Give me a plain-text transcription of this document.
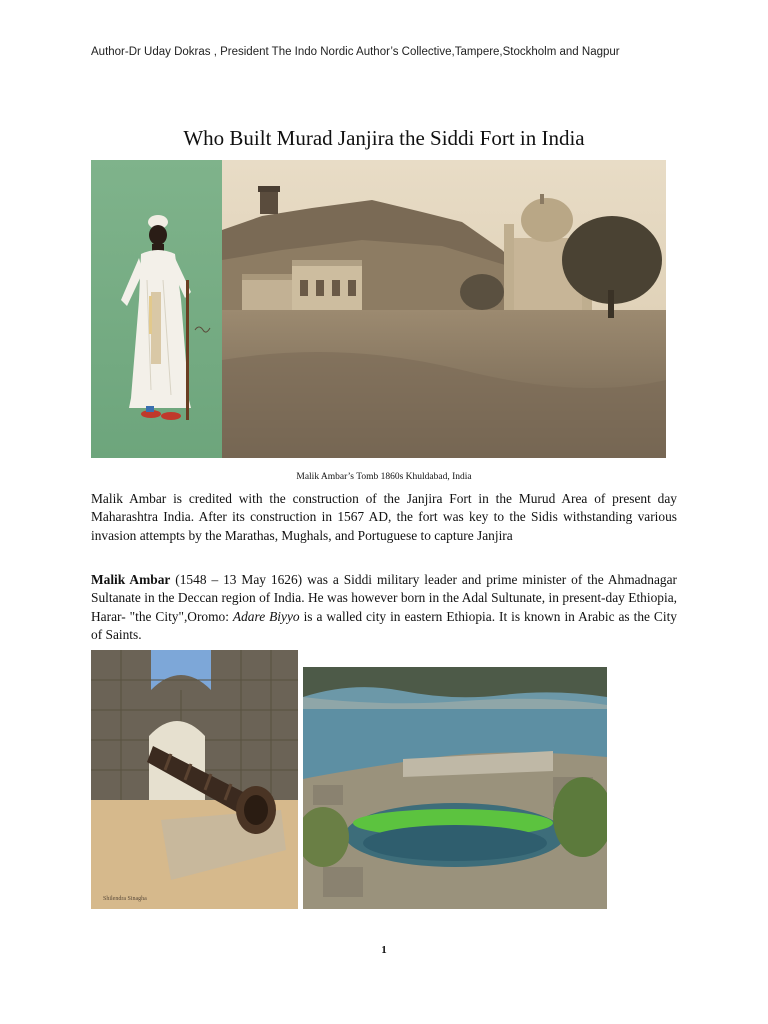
Author-Dr Uday Dokras , President The Indo Nordic Author’s Collective,Tampere,Stockholm and Nagpur
Who Built Murad Janjira the Siddi Fort in India
Malik Ambar’s Tomb 1860s Khuldabad, India

Malik Ambar is credited with the construction of the Janjira Fort in the Murud Area of present day Maharashtra India. After its construction in 1567 AD, the fort was key to the Sidis withstanding various invasion attempts by the Marathas, Mughals, and Portuguese to capture Janjira

Malik Ambar (1548 – 13 May 1626) was a Siddi military leader and prime minister of the Ahmadnagar Sultanate in the Deccan region of India. He was however born in the Adal Sultunate, in present-day Ethiopia, Harar- "the City",Oromo: Adare Biyyo is a walled city in eastern Ethiopia. It is known in Arabic as the City of Saints.

Shilendra Sinagha
1
